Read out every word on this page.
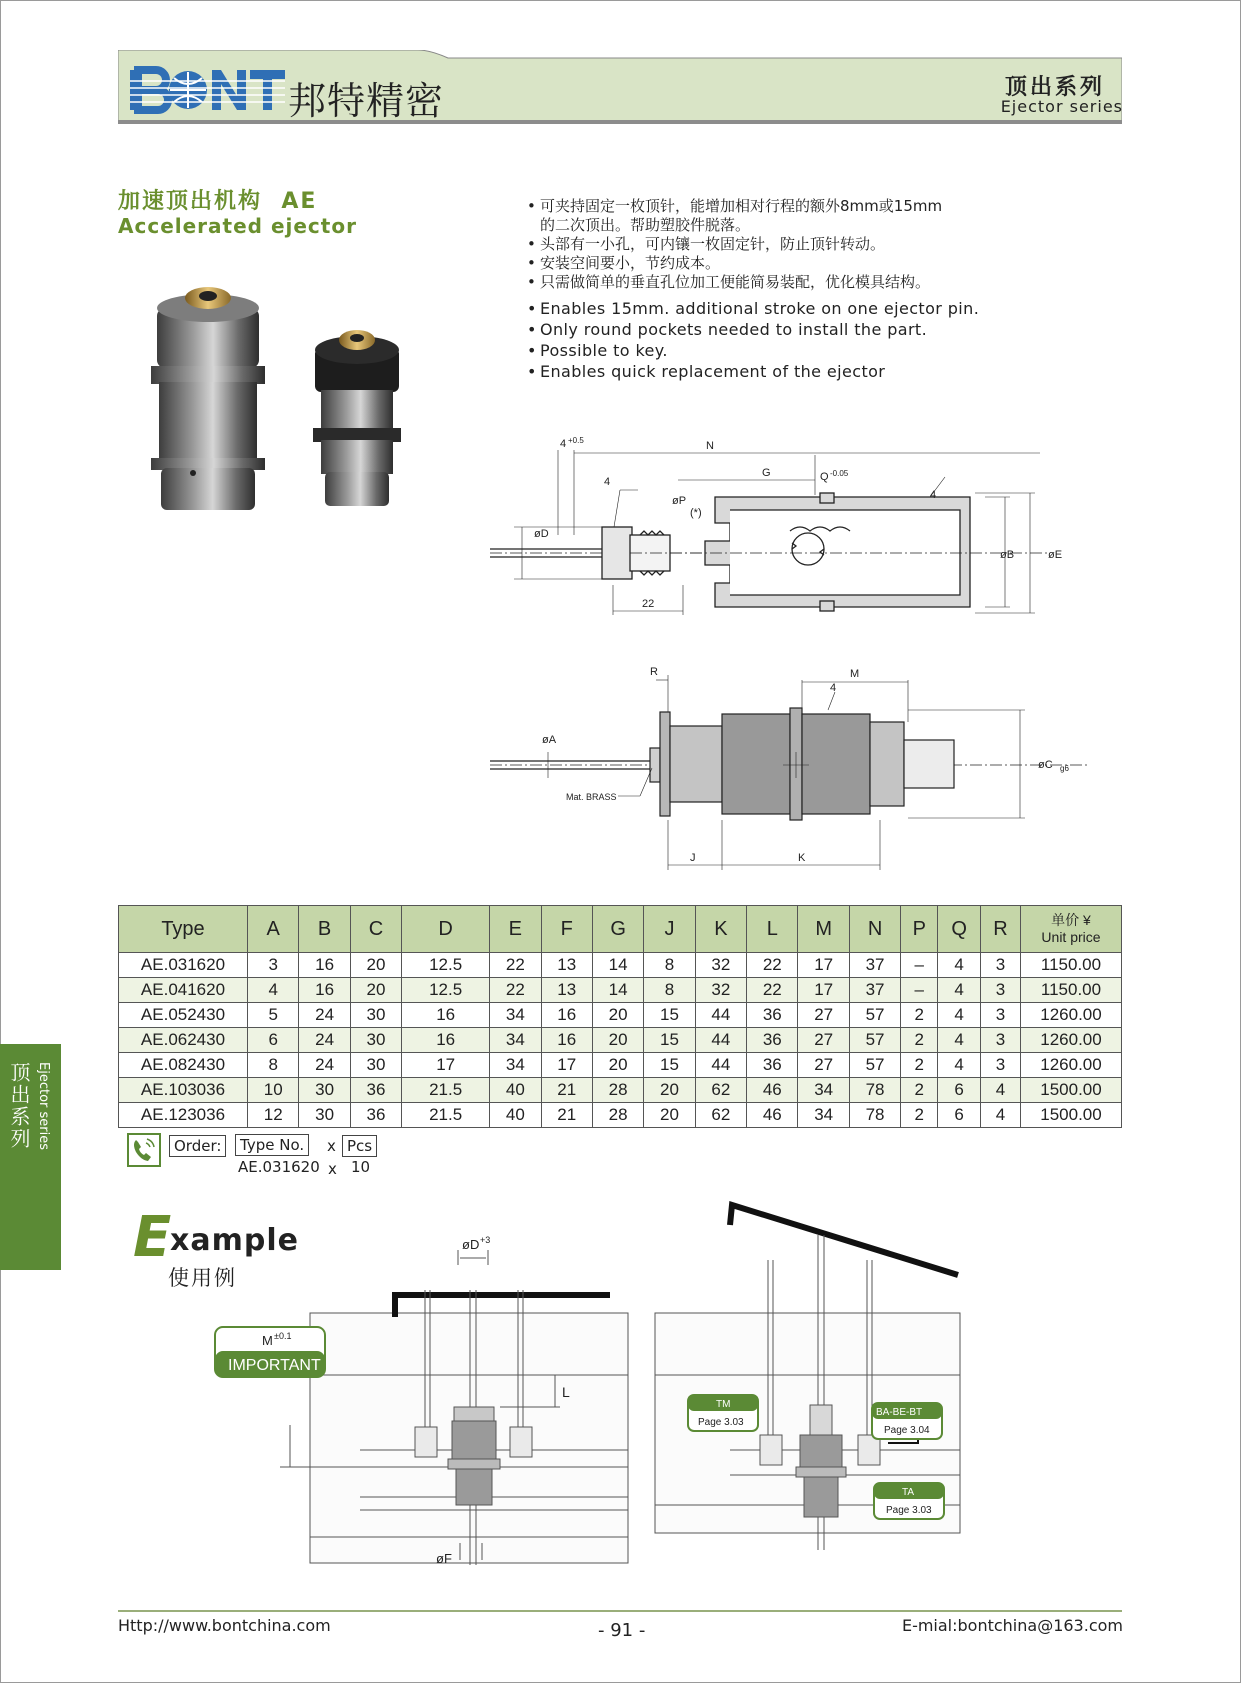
邦特精密	顶出系列
Ejector series
加速顶出机构 AE
Accelerated ejector
• 可夹持固定一枚顶针，能增加相对行程的额外8mm或15mm
的二次顶出。帮助塑胶件脱落。
• 头部有一小孔，可内镶一枚固定针，防止顶针转动。
• 安装空间要小，节约成本。
• 只需做简单的垂直孔位加工便能简易装配，优化模具结构。
• Enables 15mm. additional stroke on one ejector pin.
• Only round pockets needed to install the part.
• Possible to key.
• Enables quick replacement of the ejector
4
4 +0.5	N
G	Q -0.05
øP
(*)
øD
øB	øE
22
4
R	M
4
øA
øC g6
Mat. BRASS
J	K
Type	A	B	C	D	E	F	G	J	K	L	M	N	P	Q	R	单价 ¥
Unit price
AE.031620	3	16	20	12.5	22	13	14	8	32	22	17	37	–	4	3	1150.00
AE.041620	4	16	20	12.5	22	13	14	8	32	22	17	37	–	4	3	1150.00
AE.052430	5	24	30	16	34	16	20	15	44	36	27	57	2	4	3	1260.00
AE.062430	6	24	30	16	34	16	20	15	44	36	27	57	2	4	3	1260.00
AE.082430	8	24	30	17	34	17	20	15	44	36	27	57	2	4	3	1260.00
AE.103036	10	30	36	21.5	40	21	28	20	62	46	34	78	2	6	4	1500.00
AE.123036	12	30	36	21.5	40	21	28	20	62	46	34	78	2	6	4	1500.00
Order:	Type No.	x Pcs
AE.031620 x 10
顶出系列 Ejector series
E
xample
使用例
øD +3
L
M ±0.1
IMPORTANT
øF
TM
Page 3.03
BA-BE-BT
Page 3.04
TA
Page 3.03
Http://www.bontchina.com	- 91 -	E-mial:bontchina@163.com
